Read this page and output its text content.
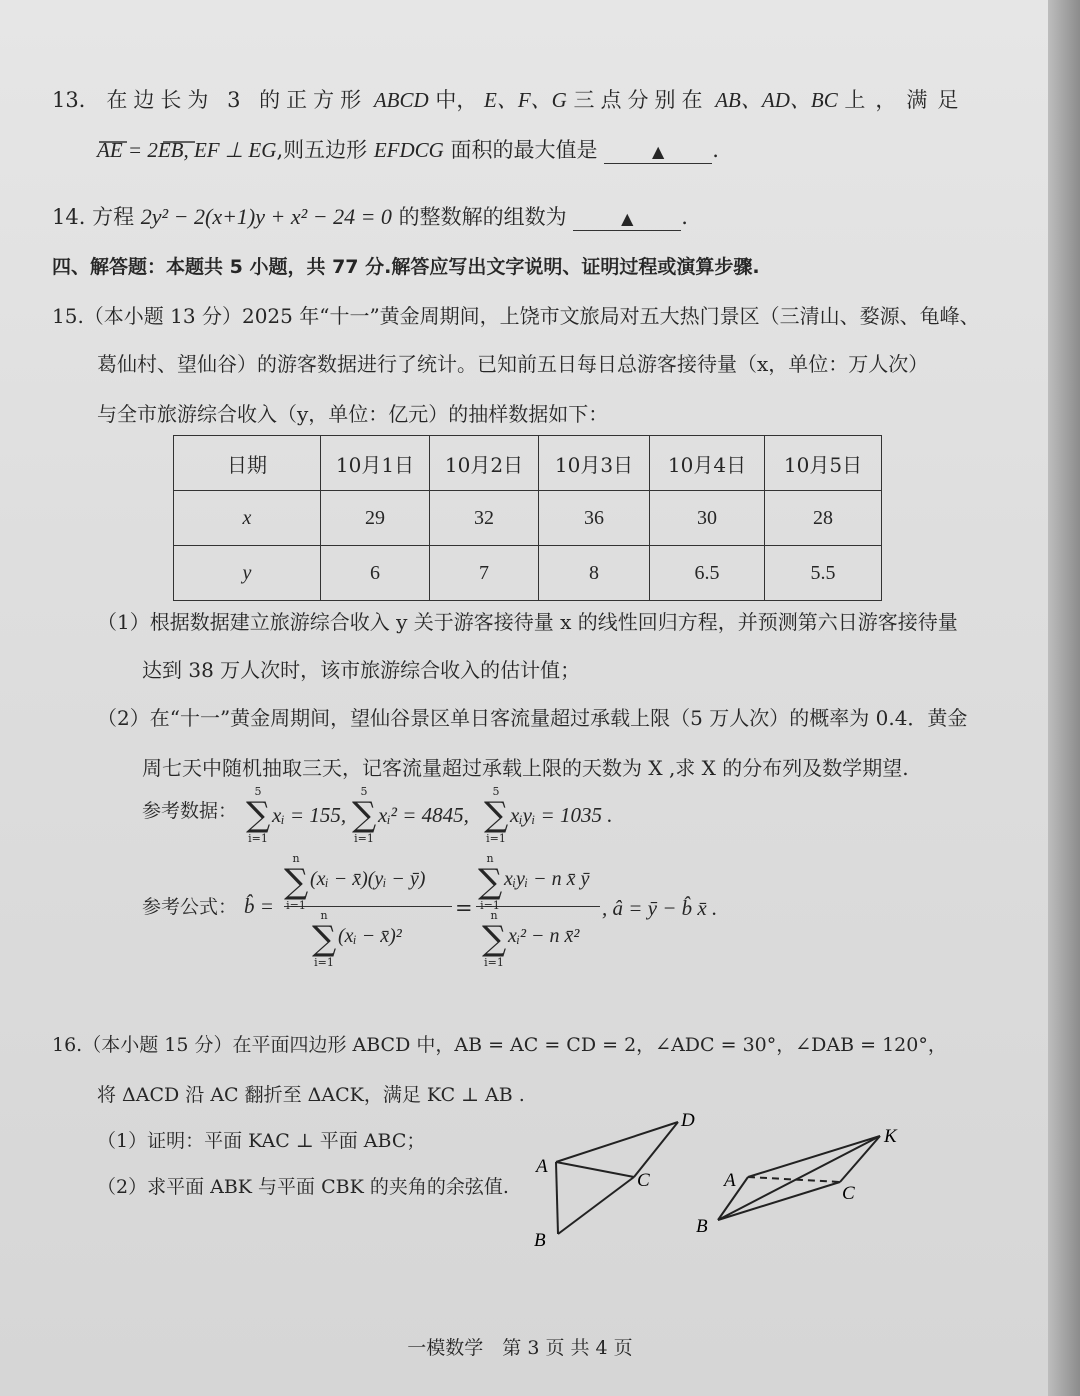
13． 在边长为 3 的正方形 ABCD 中， E、F、G 三点分别在 AB、AD、BC 上，满足
AE = 2EB, EF ⊥ EG,则五边形 EFDCG 面积的最大值是	▲ .
14. 方程 2y² − 2(x+1)y + x² − 24 = 0 的整数解的组数为	▲ .
四、解答题：本题共 5 小题，共 77 分.解答应写出文字说明、证明过程或演算步骤.
15.（本小题 13 分）2025 年“十一”黄金周期间，上饶市文旅局对五大热门景区（三清山、婺源、龟峰、
葛仙村、望仙谷）的游客数据进行了统计。已知前五日每日总游客接待量（x，单位：万人次）
与全市旅游综合收入（y，单位：亿元）的抽样数据如下：
日期	10月1日	10月2日	10月3日	10月4日	10月5日
x	29	32	36	30	28
y	6	7	8	6.5	5.5
（1）根据数据建立旅游综合收入 y 关于游客接待量 x 的线性回归方程，并预测第六日游客接待量
达到 38 万人次时，该市旅游综合收入的估计值；
（2）在“十一”黄金周期间，望仙谷景区单日客流量超过承载上限（5 万人次）的概率为 0.4．黄金
周七天中随机抽取三天，记客流量超过承载上限的天数为 X ,求 X 的分布列及数学期望.
参考数据：
5
∑
i=1
xᵢ = 155,
5
∑
i=1
xᵢ² = 4845,
5
∑
i=1
xᵢyᵢ = 1035 .
参考公式： b̂ =
n
∑
i=1
(xᵢ − x̄)(yᵢ − ȳ)
n
∑
i=1
(xᵢ − x̄)²
=
n
∑
i=1
xᵢyᵢ − n x̄ ȳ
n
∑
i=1
xᵢ² − n x̄²
, â = ȳ − b̂ x̄ .
16.（本小题 15 分）在平面四边形 ABCD 中，AB = AC = CD = 2，∠ADC = 30°，∠DAB = 120°，
将 ΔACD 沿 AC 翻折至 ΔACK，满足 KC ⊥ AB .
（1）证明：平面 KAC ⊥ 平面 ABC；
（2）求平面 ABK 与平面 CBK 的夹角的余弦值.
D
A
C
B
K
A
C
B
一模数学　第 3 页 共 4 页
